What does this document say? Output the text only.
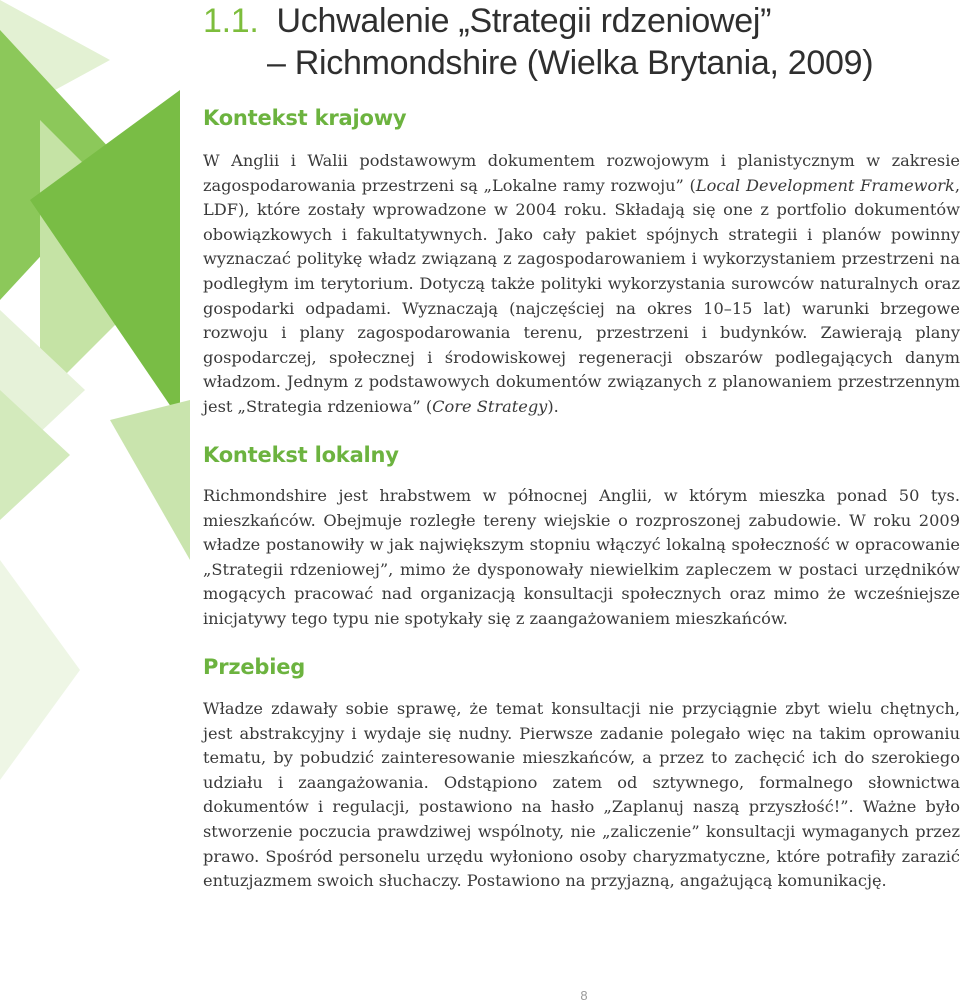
1.1. Uchwalenie „Strategii rdzeniowej”
– Richmondshire (Wielka Brytania, 2009)
Kontekst krajowy

W Anglii i Walii podstawowym dokumentem rozwojowym i planistycznym w zakresie zagospodarowania przestrzeni są „Lokalne ramy rozwoju” (Local Development Framework, LDF), które zostały wprowadzone w 2004 roku. Składają się one z portfolio dokumentów obowiązkowych i fakultatywnych. Jako cały pakiet spójnych strategii i planów powinny wyznaczać politykę władz związaną z zagospodarowaniem i wykorzystaniem przestrzeni na podległym im terytorium. Dotyczą także polityki wykorzystania surowców naturalnych oraz gospodarki odpadami. Wyznaczają (najczęściej na okres 10–15 lat) warunki brzegowe rozwoju i plany zagospodarowania terenu, przestrzeni i budynków. Zawierają plany gospodarczej, społecznej i środowiskowej regeneracji obszarów podlegających danym władzom. Jednym z podstawowych dokumentów związanych z planowaniem przestrzennym jest „Strategia rdzeniowa” (Core Strategy).

Kontekst lokalny

Richmondshire jest hrabstwem w północnej Anglii, w którym mieszka ponad 50 tys. mieszkańców. Obejmuje rozległe tereny wiejskie o rozproszonej zabudowie. W roku 2009 władze postanowiły w jak największym stopniu włączyć lokalną społeczność w opracowanie „Strategii rdzeniowej”, mimo że dysponowały niewielkim zapleczem w postaci urzędników mogących pracować nad organizacją konsultacji społecznych oraz mimo że wcześniejsze inicjatywy tego typu nie spotykały się z zaangażowaniem mieszkańców.

Przebieg

Władze zdawały sobie sprawę, że temat konsultacji nie przyciągnie zbyt wielu chętnych, jest abstrakcyjny i wydaje się nudny. Pierwsze zadanie polegało więc na takim oprowaniu tematu, by pobudzić zainteresowanie mieszkańców, a przez to zachęcić ich do szerokiego udziału i zaangażowania. Odstąpiono zatem od sztywnego, formalnego słownictwa dokumentów i regulacji, postawiono na hasło „Zaplanuj naszą przyszłość!”. Ważne było stworzenie poczucia prawdziwej wspólnoty, nie „zaliczenie” konsultacji wymaganych przez prawo. Spośród personelu urzędu wyłoniono osoby charyzmatyczne, które potrafiły zarazić entuzjazmem swoich słuchaczy. Postawiono na przyjazną, angażującą komunikację.

8
